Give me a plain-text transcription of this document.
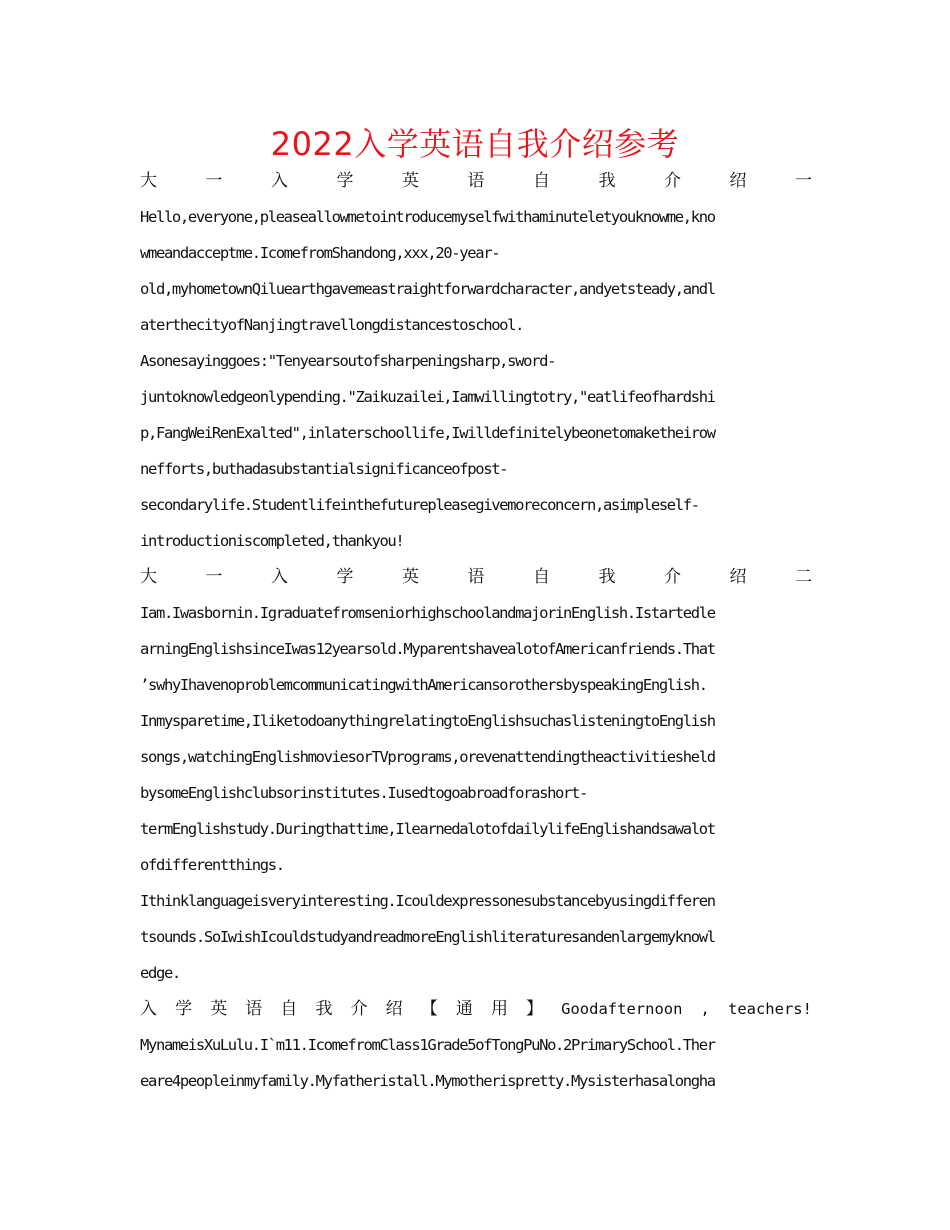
2022入学英语自我介绍参考
大	一	入	学	英	语	自	我	介	绍	一
Hello,everyone,pleaseallowmetointroducemyselfwithaminuteletyouknowme,kno
wmeandacceptme.IcomefromShandong,xxx,20-year-
old,myhometownQiluearthgavemeastraightforwardcharacter,andyetsteady,andl
aterthecityofNanjingtravellongdistancestoschool.
Asonesayinggoes:"Tenyearsoutofsharpeningsharp,sword-
juntoknowledgeonlypending."Zaikuzailei,Iamwillingtotry,"eatlifeofhardshi
p,FangWeiRenExalted",inlaterschoollife,Iwilldefinitelybeonetomaketheirow
nefforts,buthadasubstantialsignificanceofpost-
secondarylife.Studentlifeinthefuturepleasegivemoreconcern,asimpleself-
introductioniscompleted,thankyou!
大	一	入	学	英	语	自	我	介	绍	二
Iam.Iwasbornin.IgraduatefromseniorhighschoolandmajorinEnglish.Istartedle
arningEnglishsinceIwas12yearsold.MyparentshavealotofAmericanfriends.That
’swhyIhavenoproblemcommunicatingwithAmericansorothersbyspeakingEnglish.
Inmysparetime,IliketodoanythingrelatingtoEnglishsuchaslisteningtoEnglish
songs,watchingEnglishmoviesorTVprograms,orevenattendingtheactivitiesheld
bysomeEnglishclubsorinstitutes.Iusedtogoabroadforashort-
termEnglishstudy.Duringthattime,IlearnedalotofdailylifeEnglishandsawalot
ofdifferentthings.
Ithinklanguageisveryinteresting.Icouldexpressonesubstancebyusingdifferen
tsounds.SoIwishIcouldstudyandreadmoreEnglishliteraturesandenlargemyknowl
edge.
入 学 英 语 自 我 介 绍 【 通 用 】 Goodafternoon , teachers!
MynameisXuLulu.I`m11.IcomefromClass1Grade5ofTongPuNo.2PrimarySchool.Ther
eare4peopleinmyfamily.Myfatheristall.Mymotherispretty.Mysisterhasalongha
